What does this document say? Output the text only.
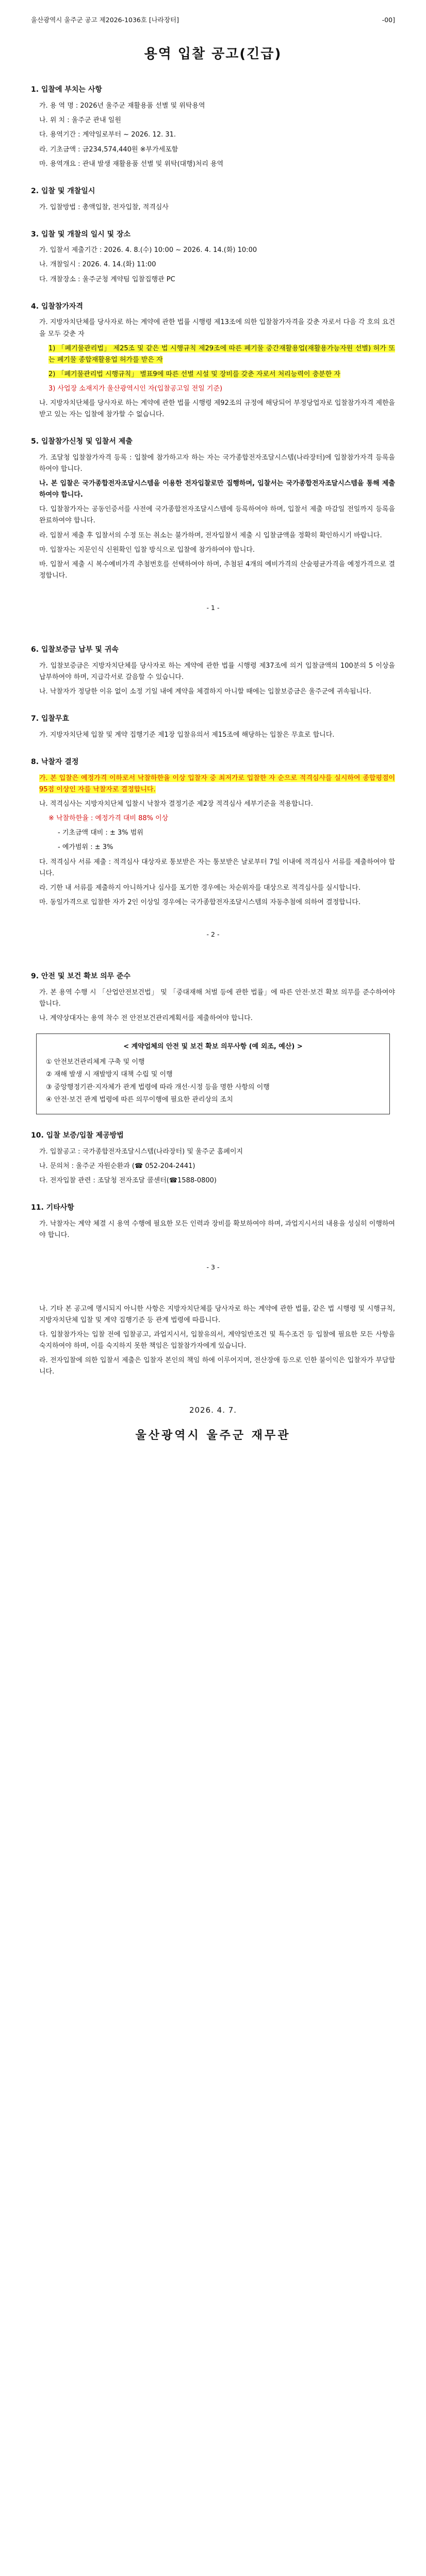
울산광역시 울주군 공고 제2026-1036호 [나라장터]	-00]
용역 입찰 공고(긴급)
1. 입찰에 부치는 사항
가. 용 역 명 : 2026년 울주군 재활용품 선별 및 위탁용역
나. 위 치 : 울주군 관내 일원
다. 용역기간 : 계약일로부터 ~ 2026. 12. 31.
라. 기초금액 : 금234,574,440원 ※부가세포함
마. 용역개요 : 관내 발생 재활용품 선별 및 위탁(대행)처리 용역
2. 입찰 및 개찰일시
가. 입찰방법 : 총액입찰, 전자입찰, 적격심사
3. 입찰 및 개찰의 일시 및 장소
가. 입찰서 제출기간 : 2026. 4. 8.(수) 10:00 ~ 2026. 4. 14.(화) 10:00
나. 개찰일시 : 2026. 4. 14.(화) 11:00
다. 개찰장소 : 울주군청 계약팀 입찰집행관 PC
4. 입찰참가자격
가. 지방자치단체를 당사자로 하는 계약에 관한 법률 시행령 제13조에 의한 입찰참가자격을 갖춘 자로서 다음 각 호의 요건을 모두 갖춘 자
1) 「폐기물관리법」 제25조 및 같은 법 시행규칙 제29조에 따른 폐기물 중간재활용업(재활용가능자원 선별) 허가 또는 폐기물 종합재활용업 허가를 받은 자
2) 「폐기물관리법 시행규칙」 별표9에 따른 선별 시설 및 장비를 갖춘 자로서 처리능력이 충분한 자
3) 사업장 소재지가 울산광역시인 자(입찰공고일 전일 기준)
나. 지방자치단체를 당사자로 하는 계약에 관한 법률 시행령 제92조의 규정에 해당되어 부정당업자로 입찰참가자격 제한을 받고 있는 자는 입찰에 참가할 수 없습니다.
5. 입찰참가신청 및 입찰서 제출
가. 조달청 입찰참가자격 등록 : 입찰에 참가하고자 하는 자는 국가종합전자조달시스템(나라장터)에 입찰참가자격 등록을 하여야 합니다.
나. 본 입찰은 국가종합전자조달시스템을 이용한 전자입찰로만 집행하며, 입찰서는 국가종합전자조달시스템을 통해 제출하여야 합니다.
다. 입찰참가자는 공동인증서를 사전에 국가종합전자조달시스템에 등록하여야 하며, 입찰서 제출 마감일 전일까지 등록을 완료하여야 합니다.
라. 입찰서 제출 후 입찰서의 수정 또는 취소는 불가하며, 전자입찰서 제출 시 입찰금액을 정확히 확인하시기 바랍니다.
마. 입찰자는 지문인식 신원확인 입찰 방식으로 입찰에 참가하여야 합니다.
바. 입찰서 제출 시 복수예비가격 추첨번호를 선택하여야 하며, 추첨된 4개의 예비가격의 산술평균가격을 예정가격으로 결정합니다.
- 1 -
6. 입찰보증금 납부 및 귀속
가. 입찰보증금은 지방자치단체를 당사자로 하는 계약에 관한 법률 시행령 제37조에 의거 입찰금액의 100분의 5 이상을 납부하여야 하며, 지급각서로 갈음할 수 있습니다.
나. 낙찰자가 정당한 이유 없이 소정 기일 내에 계약을 체결하지 아니할 때에는 입찰보증금은 울주군에 귀속됩니다.
7. 입찰무효
가. 지방자치단체 입찰 및 계약 집행기준 제1장 입찰유의서 제15조에 해당하는 입찰은 무효로 합니다.
8. 낙찰자 결정
가. 본 입찰은 예정가격 이하로서 낙찰하한율 이상 입찰자 중 최저가로 입찰한 자 순으로 적격심사를 실시하여 종합평점이 95점 이상인 자를 낙찰자로 결정합니다.
나. 적격심사는 지방자치단체 입찰시 낙찰자 결정기준 제2장 적격심사 세부기준을 적용합니다.
※ 낙찰하한율 : 예정가격 대비 88% 이상
- 기초금액 대비 : ± 3% 범위
- 예가범위 : ± 3%
다. 적격심사 서류 제출 : 적격심사 대상자로 통보받은 자는 통보받은 날로부터 7일 이내에 적격심사 서류를 제출하여야 합니다.
라. 기한 내 서류를 제출하지 아니하거나 심사를 포기한 경우에는 차순위자를 대상으로 적격심사를 실시합니다.
마. 동일가격으로 입찰한 자가 2인 이상일 경우에는 국가종합전자조달시스템의 자동추첨에 의하여 결정합니다.
- 2 -
9. 안전 및 보건 확보 의무 준수
가. 본 용역 수행 시 「산업안전보건법」 및 「중대재해 처벌 등에 관한 법률」에 따른 안전·보건 확보 의무를 준수하여야 합니다.
나. 계약상대자는 용역 착수 전 안전보건관리계획서를 제출하여야 합니다.
< 계약업체의 안전 및 보건 확보 의무사항 (예 외조, 예산) >
① 안전보건관리체계 구축 및 이행
② 재해 발생 시 재발방지 대책 수립 및 이행
③ 중앙행정기관·지자체가 관계 법령에 따라 개선·시정 등을 명한 사항의 이행
④ 안전·보건 관계 법령에 따른 의무이행에 필요한 관리상의 조치
10. 입찰 보증/입찰 제공방법
가. 입찰공고 : 국가종합전자조달시스템(나라장터) 및 울주군 홈페이지
나. 문의처 : 울주군 자원순환과 (☎ 052-204-2441)
다. 전자입찰 관련 : 조달청 전자조달 콜센터(☎1588-0800)
11. 기타사항
가. 낙찰자는 계약 체결 시 용역 수행에 필요한 모든 인력과 장비를 확보하여야 하며, 과업지시서의 내용을 성실히 이행하여야 합니다.
- 3 -
나. 기타 본 공고에 명시되지 아니한 사항은 지방자치단체를 당사자로 하는 계약에 관한 법률, 같은 법 시행령 및 시행규칙, 지방자치단체 입찰 및 계약 집행기준 등 관계 법령에 따릅니다.
다. 입찰참가자는 입찰 전에 입찰공고, 과업지시서, 입찰유의서, 계약일반조건 및 특수조건 등 입찰에 필요한 모든 사항을 숙지하여야 하며, 이를 숙지하지 못한 책임은 입찰참가자에게 있습니다.
라. 전자입찰에 의한 입찰서 제출은 입찰자 본인의 책임 하에 이루어지며, 전산장애 등으로 인한 불이익은 입찰자가 부담합니다.
2026. 4. 7.
울산광역시 울주군 재무관
